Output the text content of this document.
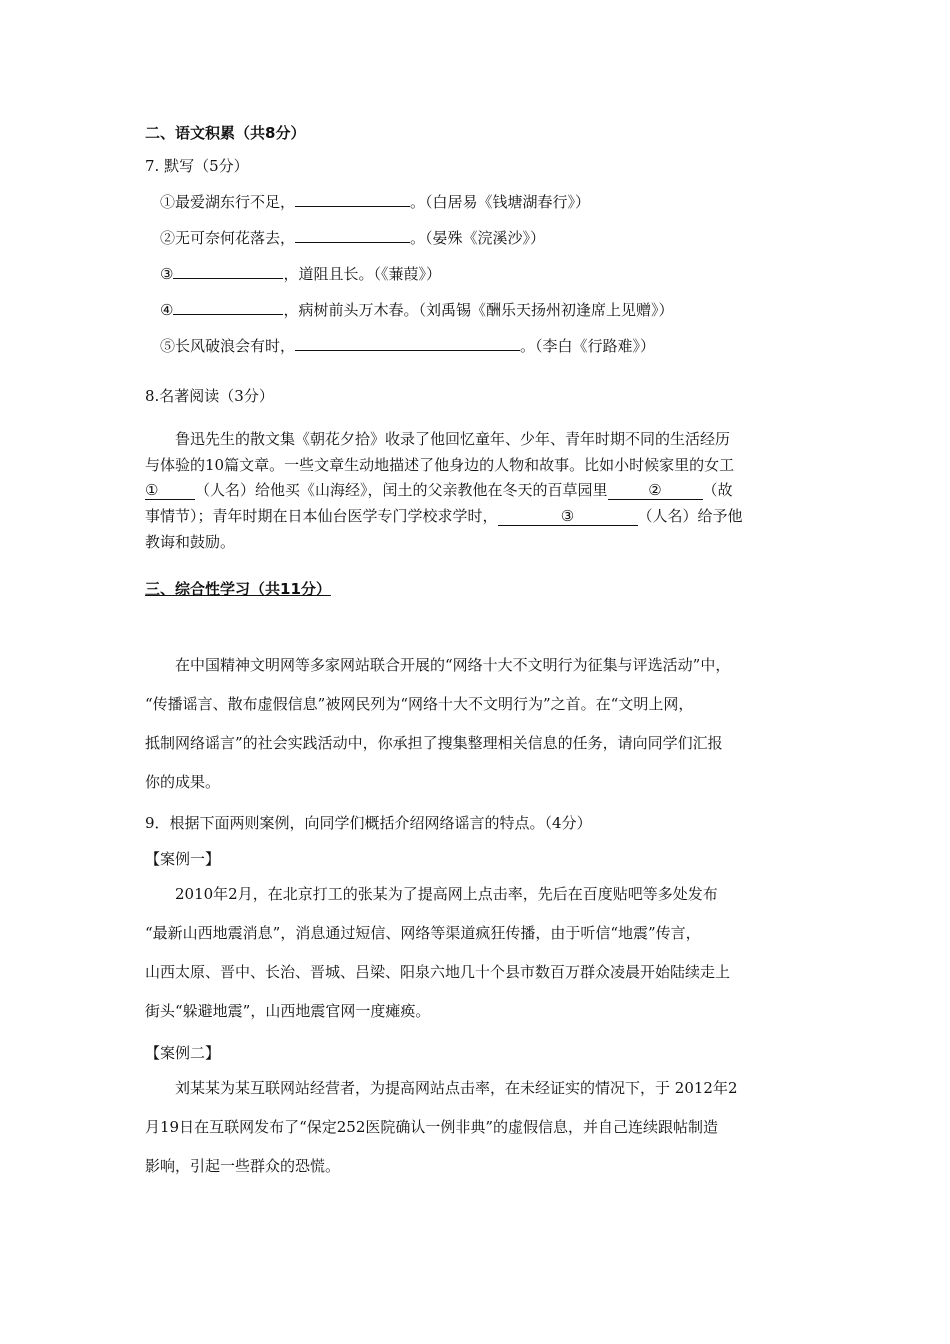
二、语文积累（共8分）
7. 默写（5分）
①最爱湖东行不足，	。（白居易《钱塘湖春行》）
②无可奈何花落去，	。（晏殊《浣溪沙》）
③	，道阻且长。（《蒹葭》）
④	，病树前头万木春。（刘禹锡《酬乐天扬州初逢席上见赠》）
⑤长风破浪会有时，	。（李白《行路难》）
8.名著阅读（3分）
鲁迅先生的散文集《朝花夕拾》收录了他回忆童年、少年、青年时期不同的生活经历
与体验的10篇文章。一些文章生动地描述了他身边的人物和故事。比如小时候家里的女工
① （人名）给他买《山海经》，闰土的父亲教他在冬天的百草园里	②	（故
事情节）；青年时期在日本仙台医学专门学校求学时，	③	（人名）给予他
教诲和鼓励。
三、综合性学习（共11分）
在中国精神文明网等多家网站联合开展的“网络十大不文明行为征集与评选活动”中，
“传播谣言、散布虚假信息”被网民列为“网络十大不文明行为”之首。在“文明上网，
抵制网络谣言”的社会实践活动中，你承担了搜集整理相关信息的任务，请向同学们汇报
你的成果。
9．根据下面两则案例，向同学们概括介绍网络谣言的特点。（4分）
【案例一】
2010年2月，在北京打工的张某为了提高网上点击率，先后在百度贴吧等多处发布
“最新山西地震消息”，消息通过短信、网络等渠道疯狂传播，由于听信“地震”传言，
山西太原、晋中、长治、晋城、吕梁、阳泉六地几十个县市数百万群众凌晨开始陆续走上
街头“躲避地震”，山西地震官网一度瘫痪。
【案例二】
刘某某为某互联网站经营者，为提高网站点击率，在未经证实的情况下，于 2012年2
月19日在互联网发布了“保定252医院确认一例非典”的虚假信息，并自己连续跟帖制造
影响，引起一些群众的恐慌。
